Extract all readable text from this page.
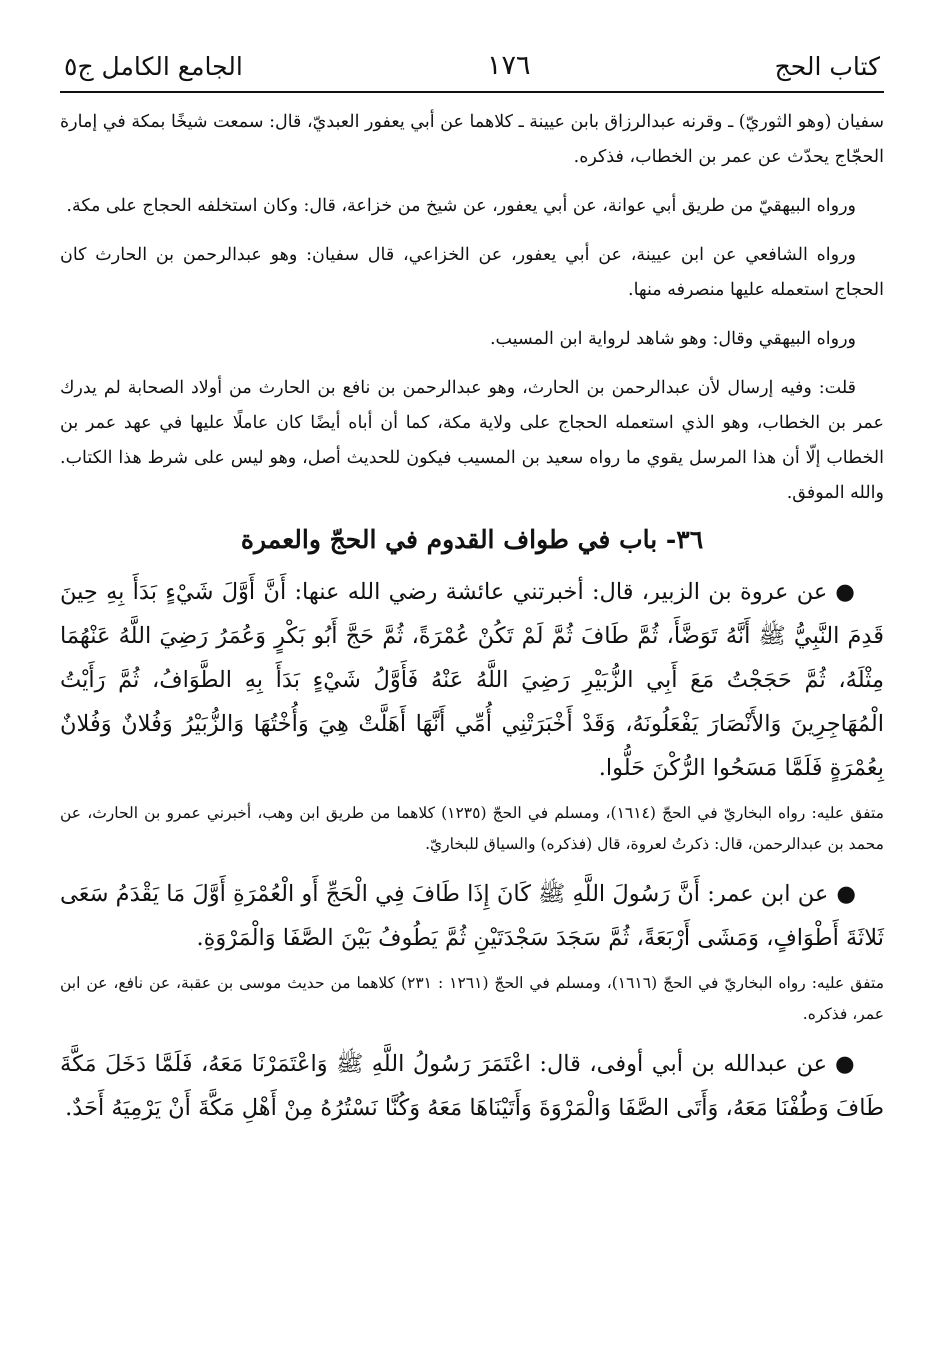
كتاب الحج
١٧٦
الجامع الكامل ج٥

سفيان (وهو الثوريّ) ـ وقرنه عبدالرزاق بابن عيينة ـ كلاهما عن أبي يعفور العبديّ، قال: سمعت شيخًا بمكة في إمارة الحجّاج يحدّث عن عمر بن الخطاب، فذكره.

ورواه البيهقيّ من طريق أبي عوانة، عن أبي يعفور، عن شيخ من خزاعة، قال: وكان استخلفه الحجاج على مكة.

ورواه الشافعي عن ابن عيينة، عن أبي يعفور، عن الخزاعي، قال سفيان: وهو عبدالرحمن بن الحارث كان الحجاج استعمله عليها منصرفه منها.

ورواه البيهقي وقال: وهو شاهد لرواية ابن المسيب.

قلت: وفيه إرسال لأن عبدالرحمن بن الحارث، وهو عبدالرحمن بن نافع بن الحارث من أولاد الصحابة لم يدرك عمر بن الخطاب، وهو الذي استعمله الحجاج على ولاية مكة، كما أن أباه أيضًا كان عاملًا عليها في عهد عمر بن الخطاب إلّا أن هذا المرسل يقوي ما رواه سعيد بن المسيب فيكون للحديث أصل، وهو ليس على شرط هذا الكتاب. والله الموفق.

٣٦- باب في طواف القدوم في الحجّ والعمرة

●عن عروة بن الزبير، قال: أخبرتني عائشة رضي الله عنها: أَنَّ أَوَّلَ شَيْءٍ بَدَأَ بِهِ حِينَ قَدِمَ النَّبِيُّ ﷺ أَنَّهُ تَوَضَّأَ، ثُمَّ طَافَ ثُمَّ لَمْ تَكُنْ عُمْرَةً، ثُمَّ حَجَّ أَبُو بَكْرٍ وَعُمَرُ رَضِيَ اللَّهُ عَنْهُمَا مِثْلَهُ، ثُمَّ حَجَجْتُ مَعَ أَبِي الزُّبَيْرِ رَضِيَ اللَّهُ عَنْهُ فَأَوَّلُ شَيْءٍ بَدَأَ بِهِ الطَّوَافُ، ثُمَّ رَأَيْتُ الْمُهَاجِرِينَ وَالأَنْصَارَ يَفْعَلُونَهُ، وَقَدْ أَخْبَرَتْنِي أُمِّي أَنَّهَا أَهَلَّتْ هِيَ وَأُخْتُهَا وَالزُّبَيْرُ وَفُلانٌ وَفُلانٌ بِعُمْرَةٍ فَلَمَّا مَسَحُوا الرُّكْنَ حَلُّوا.

متفق عليه: رواه البخاريّ في الحجّ (١٦١٤)، ومسلم في الحجّ (١٢٣٥) كلاهما من طريق ابن وهب، أخبرني عمرو بن الحارث، عن محمد بن عبدالرحمن، قال: ذكرتُ لعروة، قال (فذكره) والسياق للبخاريّ.

●عن ابن عمر: أَنَّ رَسُولَ اللَّهِ ﷺ كَانَ إِذَا طَافَ فِي الْحَجِّ أَو الْعُمْرَةِ أَوَّلَ مَا يَقْدَمُ سَعَى ثَلاثَةَ أَطْوَافٍ، وَمَشَى أَرْبَعَةً، ثُمَّ سَجَدَ سَجْدَتَيْنِ ثُمَّ يَطُوفُ بَيْنَ الصَّفَا وَالْمَرْوَةِ.

متفق عليه: رواه البخاريّ في الحجّ (١٦١٦)، ومسلم في الحجّ (١٢٦١ : ٢٣١) كلاهما من حديث موسى بن عقبة، عن نافع، عن ابن عمر، فذكره.

●عن عبدالله بن أبي أوفى، قال: اعْتَمَرَ رَسُولُ اللَّهِ ﷺ وَاعْتَمَرْنَا مَعَهُ، فَلَمَّا دَخَلَ مَكَّةَ طَافَ وَطُفْنَا مَعَهُ، وَأَتَى الصَّفَا وَالْمَرْوَةَ وَأَتَيْنَاهَا مَعَهُ وَكُنَّا نَسْتُرُهُ مِنْ أَهْلِ مَكَّةَ أَنْ يَرْمِيَهُ أَحَدٌ.
